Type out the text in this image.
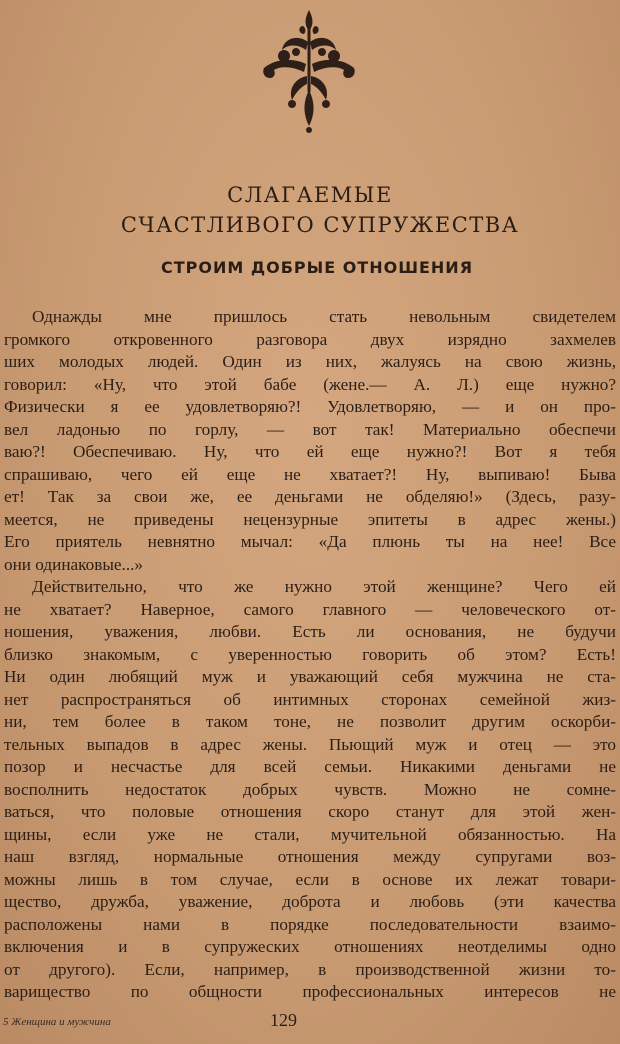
СЛАГАЕМЫЕ
СЧАСТЛИВОГО СУПРУЖЕСТВА
СТРОИМ ДОБРЫЕ ОТНОШЕНИЯ
Однажды мне пришлось стать невольным свидетелем
громкого откровенного разговора двух изрядно захмелев
ших молодых людей. Один из них, жалуясь на свою жизнь,
говорил: «Ну, что этой бабе (жене.— А. Л.) еще нужно?
Физически я ее удовлетворяю?! Удовлетворяю, — и он про-
вел ладонью по горлу, — вот так! Материально обеспечи
ваю?! Обеспечиваю. Ну, что ей еще нужно?! Вот я тебя
спрашиваю, чего ей еще не хватает?! Ну, выпиваю! Быва
ет! Так за свои же, ее деньгами не обделяю!» (Здесь, разу-
меется, не приведены нецензурные эпитеты в адрес жены.)
Его приятель невнятно мычал: «Да плюнь ты на нее! Все
они одинаковые...»
Действительно, что же нужно этой женщине? Чего ей
не хватает? Наверное, самого главного — человеческого от-
ношения, уважения, любви. Есть ли основания, не будучи
близко знакомым, с уверенностью говорить об этом? Есть!
Ни один любящий муж и уважающий себя мужчина не ста-
нет распространяться об интимных сторонах семейной жиз-
ни, тем более в таком тоне, не позволит другим оскорби-
тельных выпадов в адрес жены. Пьющий муж и отец — это
позор и несчастье для всей семьи. Никакими деньгами не
восполнить недостаток добрых чувств. Можно не сомне-
ваться, что половые отношения скоро станут для этой жен-
щины, если уже не стали, мучительной обязанностью. На
наш взгляд, нормальные отношения между супругами воз-
можны лишь в том случае, если в основе их лежат товари-
щество, дружба, уважение, доброта и любовь (эти качества
расположены нами в порядке последовательности взаимо-
включения и в супружеских отношениях неотделимы одно
от другого). Если, например, в производственной жизни то-
варищество по общности профессиональных интересов не
5 Женщина и мужчина	129
